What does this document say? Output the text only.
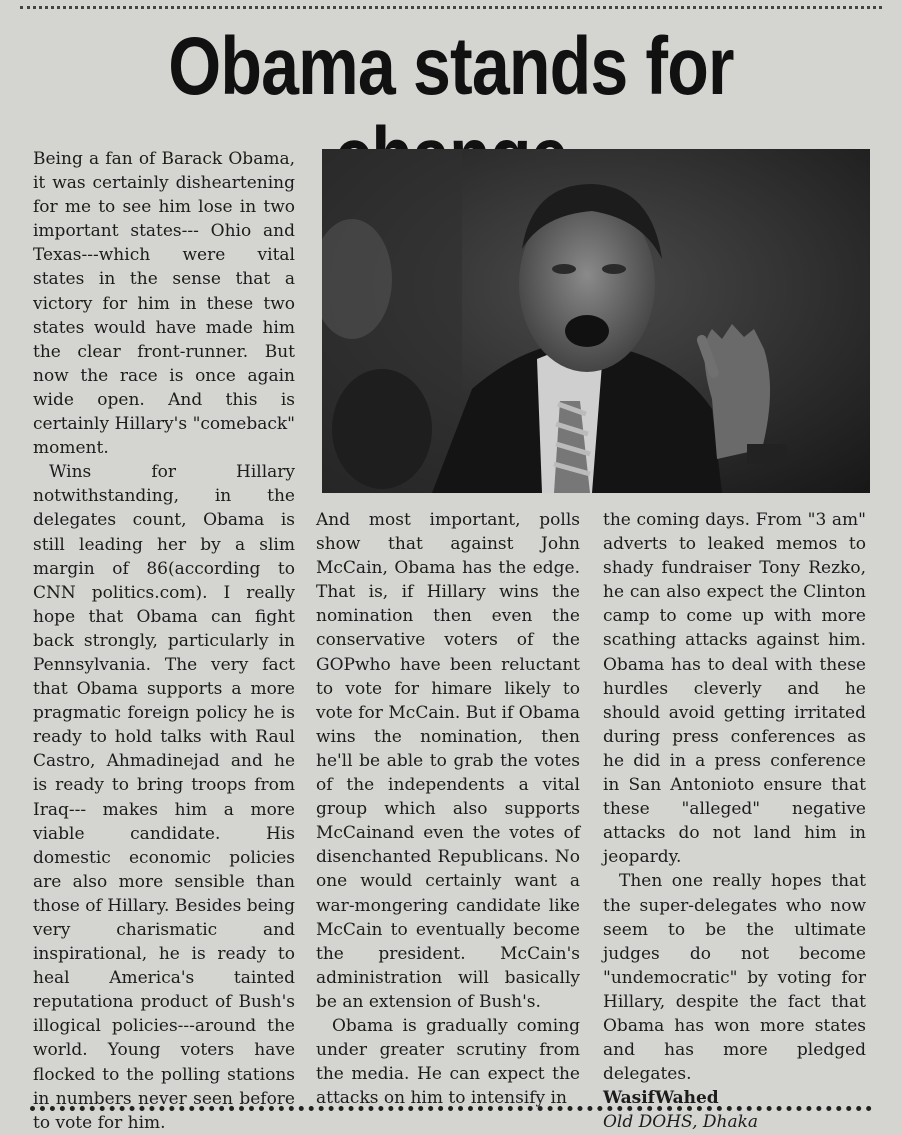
Obama stands for

Being a fan of Barack Obama, it was certainly disheartening for me to see him lose in two important states--- Ohio and Texas---which were vital states in the sense that a victory for him in these two states would have made him the clear front-runner. But now the race is once again wide open. And this is certainly Hillary's "comeback" moment.

Wins for Hillary notwithstanding, in the delegates count, Obama is still leading her by a slim margin of 86(according to CNN politics.com). I really hope that Obama can fight back strongly, particularly in Pennsylvania. The very fact that Obama supports a more pragmatic foreign policy he is ready to hold talks with Raul Castro, Ahmadinejad and he is ready to bring troops from Iraq--- makes him a more viable candidate. His domestic economic policies are also more sensible than those of Hillary. Besides being very charismatic and inspirational, he is ready to heal America's tainted reputationa product of Bush's illogical policies---around the world. Young voters have flocked to the polling stations in numbers never seen before to vote for him.

And most important, polls show that against John McCain, Obama has the edge. That is, if Hillary wins the nomination then even the conservative voters of the GOPwho have been reluctant to vote for himare likely to vote for McCain. But if Obama wins the nomination, then he'll be able to grab the votes of the independents a vital group which also supports McCainand even the votes of disenchanted Republicans. No one would certainly want a war-mongering candidate like McCain to eventually become the president. McCain's administration will basically be an extension of Bush's.

Obama is gradually coming under greater scrutiny from the media. He can expect the attacks on him to intensify in

the coming days. From "3 am" adverts to leaked memos to shady fundraiser Tony Rezko, he can also expect the Clinton camp to come up with more scathing attacks against him. Obama has to deal with these hurdles cleverly and he should avoid getting irritated during press conferences as he did in a press conference in San Antonioto ensure that these "alleged" negative attacks do not land him in jeopardy.

Then one really hopes that the super-delegates who now seem to be the ultimate judges do not become "undemocratic" by voting for Hillary, despite the fact that Obama has won more states and has more pledged delegates.

WasifWahed

Old DOHS, Dhaka
